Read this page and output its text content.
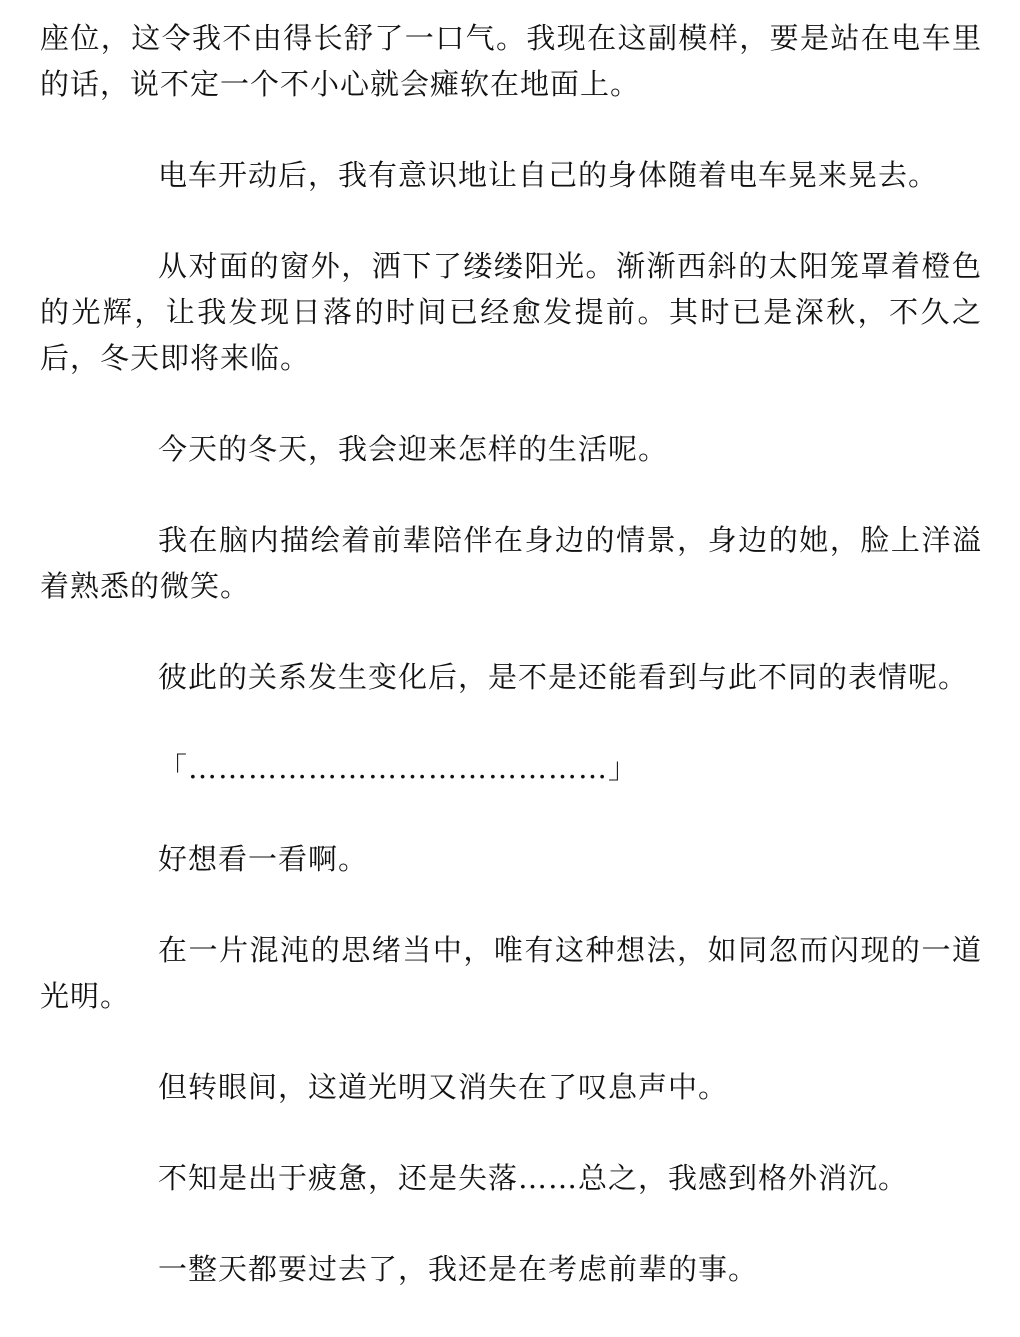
座位，这令我不由得长舒了一口气。我现在这副模样，要是站在电车里的话，说不定一个不小心就会瘫软在地面上。

电车开动后，我有意识地让自己的身体随着电车晃来晃去。

从对面的窗外，洒下了缕缕阳光。渐渐西斜的太阳笼罩着橙色的光辉，让我发现日落的时间已经愈发提前。其时已是深秋，不久之后，冬天即将来临。

今天的冬天，我会迎来怎样的生活呢。

我在脑内描绘着前辈陪伴在身边的情景，身边的她，脸上洋溢着熟悉的微笑。

彼此的关系发生变化后，是不是还能看到与此不同的表情呢。

「……………………………………」

好想看一看啊。

在一片混沌的思绪当中，唯有这种想法，如同忽而闪现的一道光明。

但转眼间，这道光明又消失在了叹息声中。

不知是出于疲惫，还是失落……总之，我感到格外消沉。

一整天都要过去了，我还是在考虑前辈的事。
